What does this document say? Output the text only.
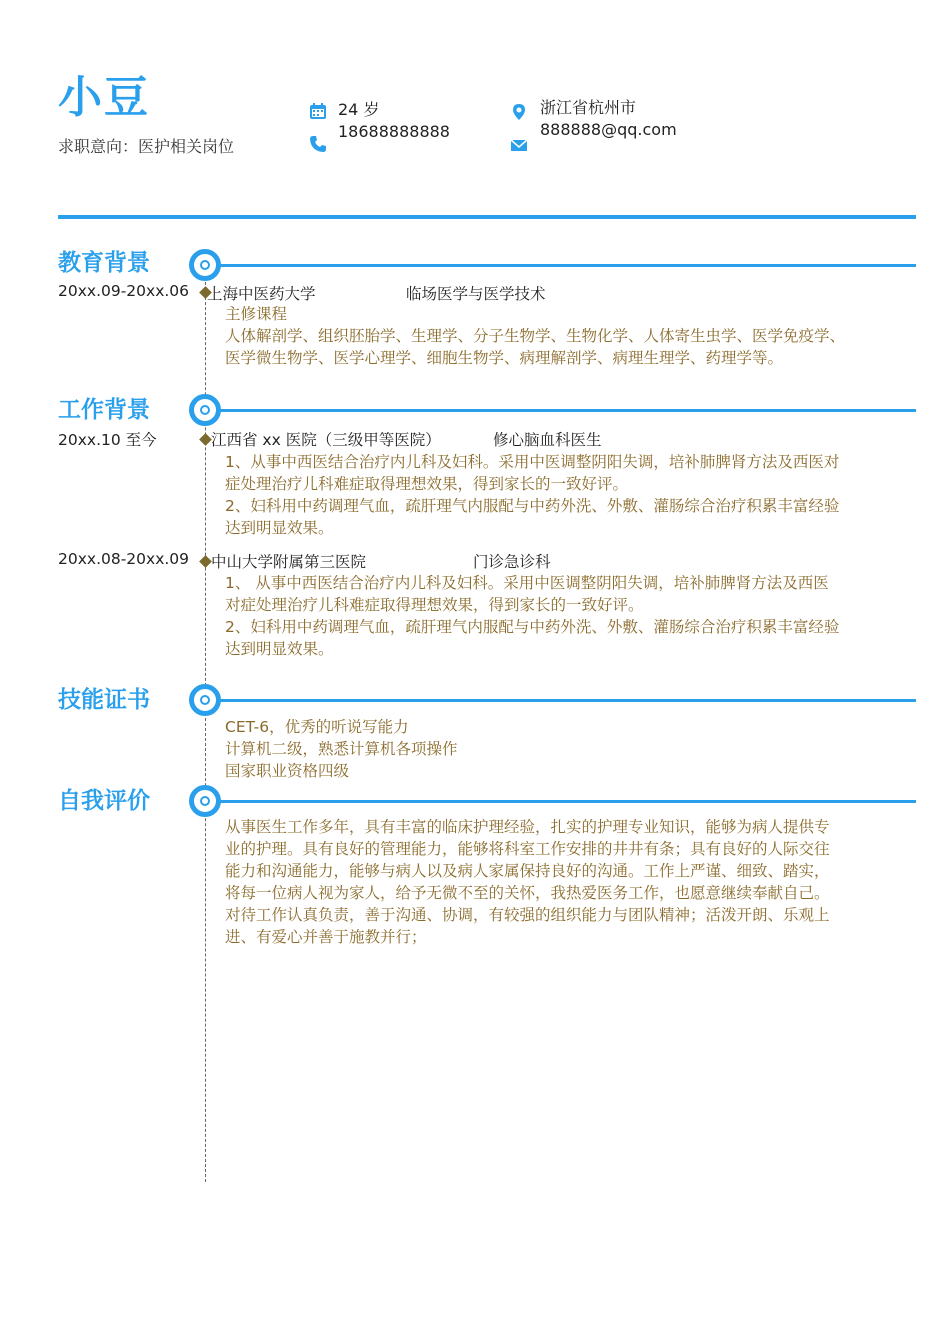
小豆
求职意向：医护相关岗位
24 岁
18688888888
浙江省杭州市
888888@qq.com
教育背景
20xx.09-20xx.06 上海中医药大学	临场医学与医学技术
主修课程
人体解剖学、组织胚胎学、生理学、分子生物学、生物化学、人体寄生虫学、医学免疫学、
医学微生物学、医学心理学、细胞生物学、病理解剖学、病理生理学、药理学等。
工作背景
20xx.10 至今	江西省 xx 医院（三级甲等医院）	修心脑血科医生
1、从事中西医结合治疗内儿科及妇科。采用中医调整阴阳失调，培补肺脾肾方法及西医对
症处理治疗儿科难症取得理想效果，得到家长的一致好评。
2、妇科用中药调理气血，疏肝理气内服配与中药外洗、外敷、灌肠综合治疗积累丰富经验
达到明显效果。
20xx.08-20xx.09 中山大学附属第三医院	门诊急诊科
1、 从事中西医结合治疗内儿科及妇科。采用中医调整阴阳失调，培补肺脾肾方法及西医
对症处理治疗儿科难症取得理想效果，得到家长的一致好评。
2、妇科用中药调理气血，疏肝理气内服配与中药外洗、外敷、灌肠综合治疗积累丰富经验
达到明显效果。
技能证书
CET-6，优秀的听说写能力
计算机二级，熟悉计算机各项操作
国家职业资格四级
自我评价
从事医生工作多年，具有丰富的临床护理经验，扎实的护理专业知识，能够为病人提供专
业的护理。具有良好的管理能力，能够将科室工作安排的井井有条；具有良好的人际交往
能力和沟通能力，能够与病人以及病人家属保持良好的沟通。工作上严谨、细致、踏实，
将每一位病人视为家人，给予无微不至的关怀，我热爱医务工作，也愿意继续奉献自己。
对待工作认真负责，善于沟通、协调，有较强的组织能力与团队精神；活泼开朗、乐观上
进、有爱心并善于施教并行；
